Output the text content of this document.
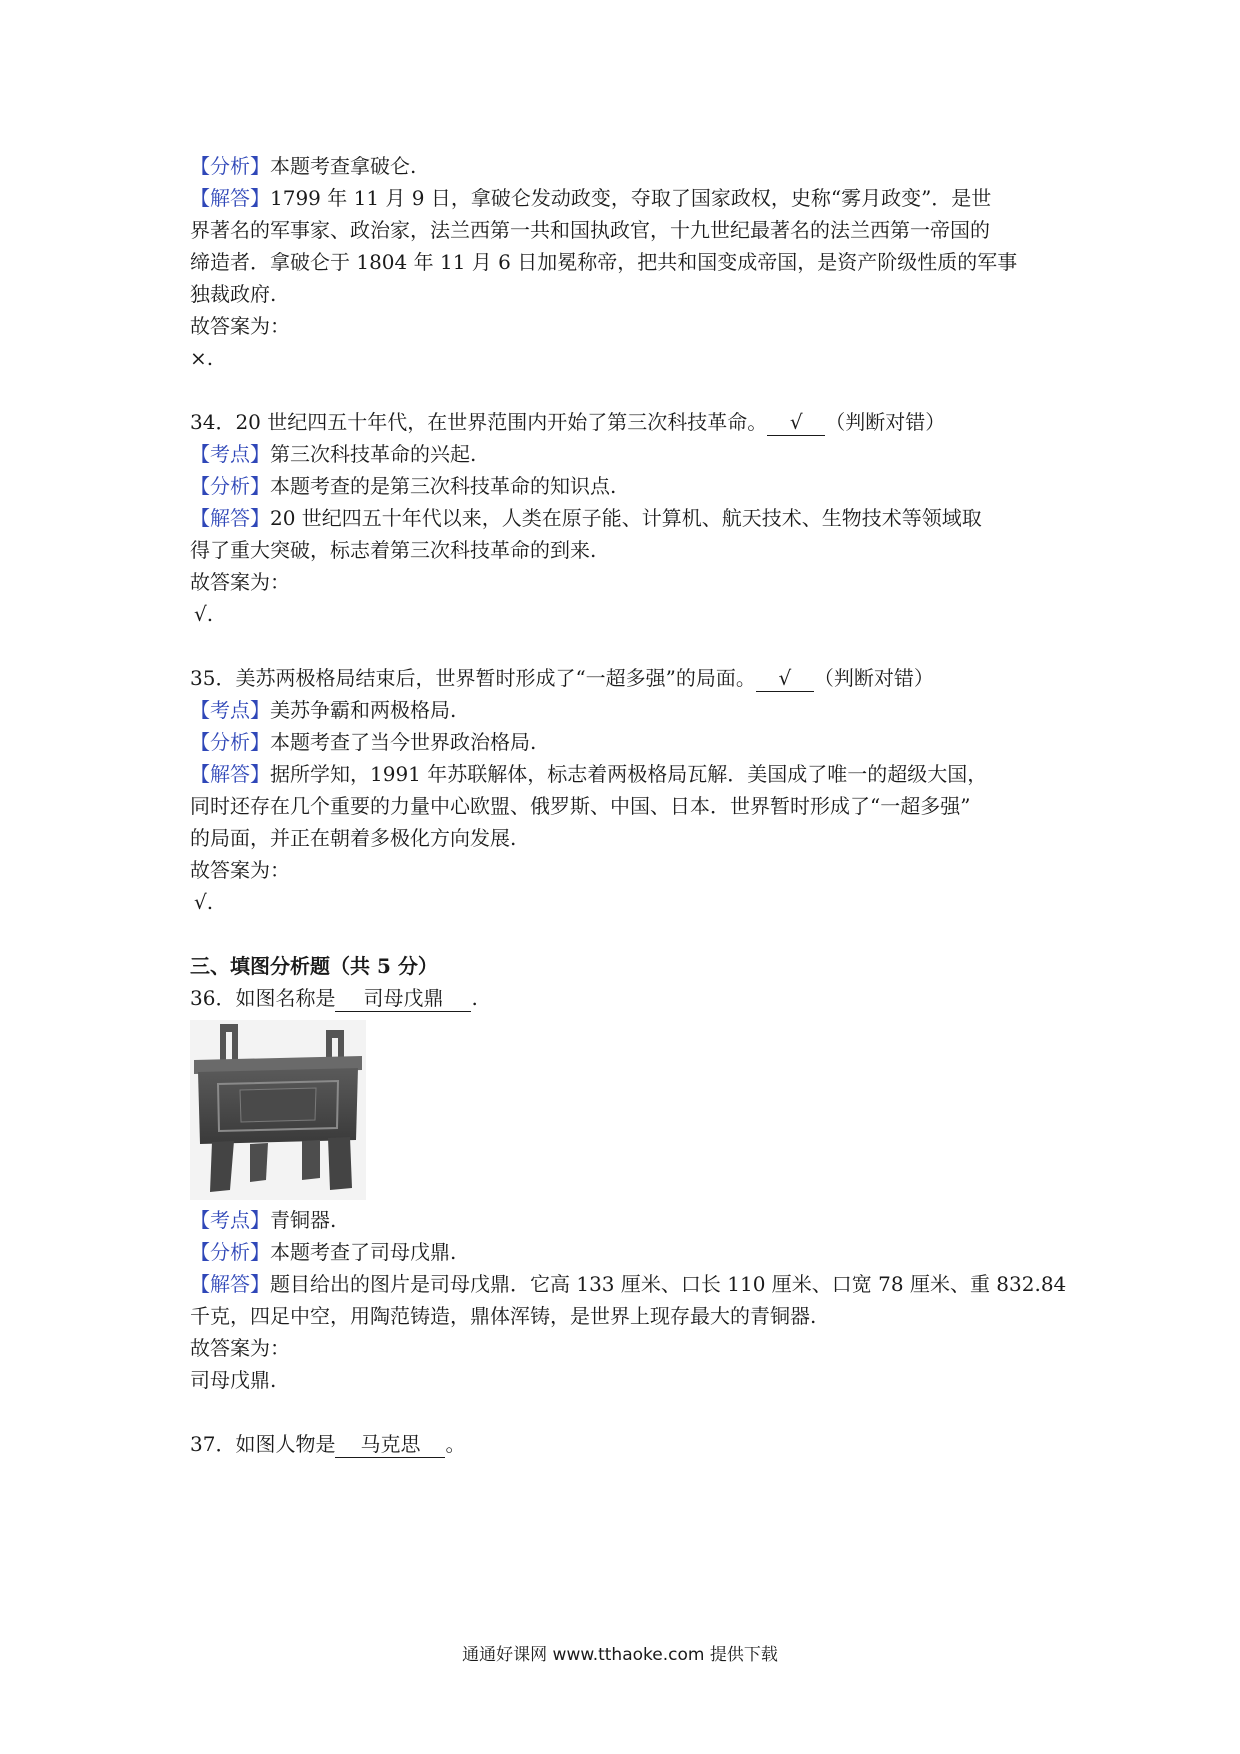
【分析】本题考查拿破仑.
【解答】1799 年 11 月 9 日，拿破仑发动政变，夺取了国家政权，史称“雾月政变”．是世
界著名的军事家、政治家，法兰西第一共和国执政官，十九世纪最著名的法兰西第一帝国的
缔造者．拿破仑于 1804 年 11 月 6 日加冕称帝，把共和国变成帝国，是资产阶级性质的军事
独裁政府.
故答案为：
×.
34．20 世纪四五十年代，在世界范围内开始了第三次科技革命。 √ （判断对错）
【考点】第三次科技革命的兴起.
【分析】本题考查的是第三次科技革命的知识点.
【解答】20 世纪四五十年代以来，人类在原子能、计算机、航天技术、生物技术等领域取
得了重大突破，标志着第三次科技革命的到来.
故答案为：
√.
35．美苏两极格局结束后，世界暂时形成了“一超多强”的局面。 √ （判断对错）
【考点】美苏争霸和两极格局.
【分析】本题考查了当今世界政治格局.
【解答】据所学知，1991 年苏联解体，标志着两极格局瓦解．美国成了唯一的超级大国，
同时还存在几个重要的力量中心欧盟、俄罗斯、中国、日本．世界暂时形成了“一超多强”
的局面，并正在朝着多极化方向发展.
故答案为：
√.
三、填图分析题（共 5 分）
36．如图名称是 司母戊鼎 .
【考点】青铜器.
【分析】本题考查了司母戊鼎.
【解答】题目给出的图片是司母戊鼎．它高 133 厘米、口长 110 厘米、口宽 78 厘米、重 832.84
千克，四足中空，用陶范铸造，鼎体浑铸，是世界上现存最大的青铜器.
故答案为：
司母戊鼎.
37．如图人物是 马克思 。
通通好课网 www.tthaoke.com 提供下载
